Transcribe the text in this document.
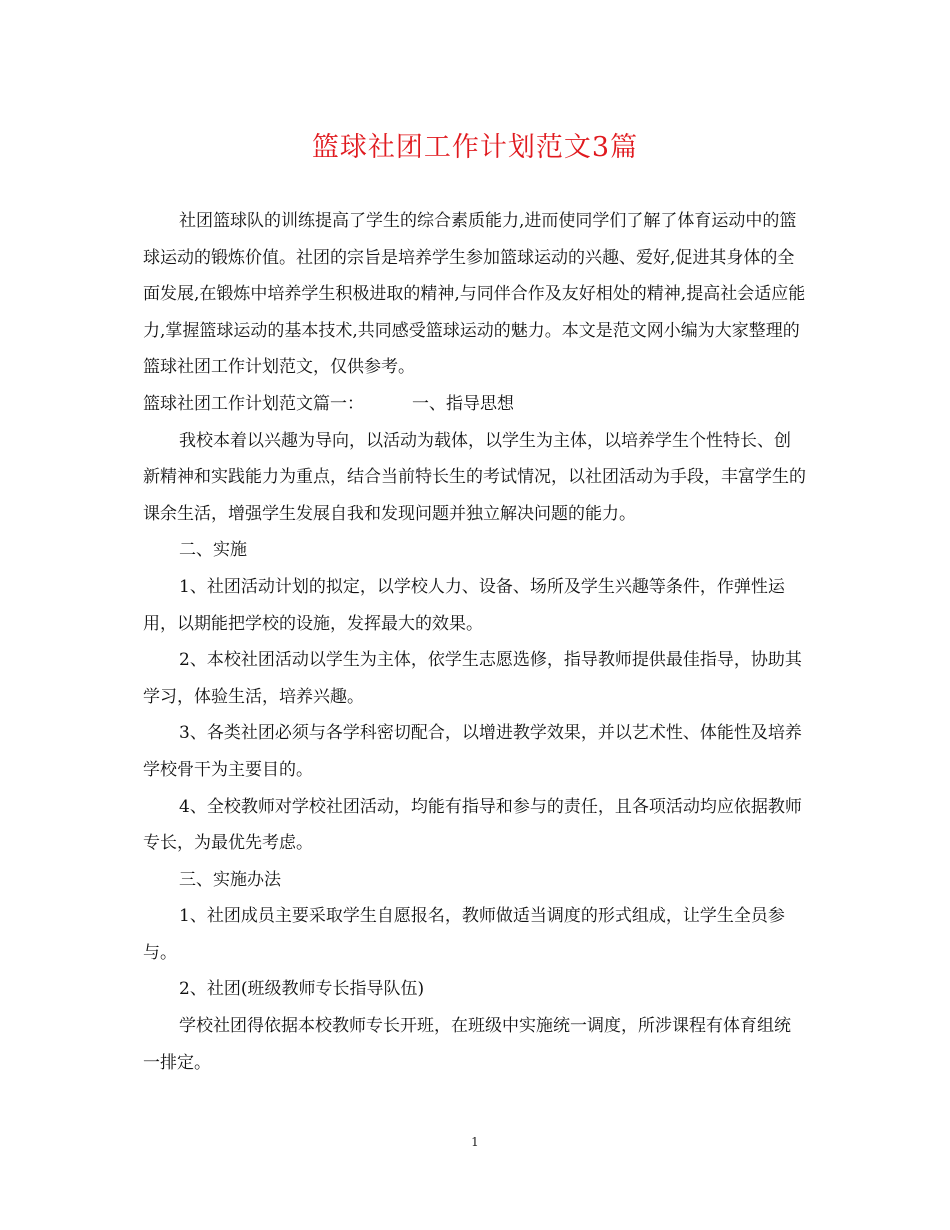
篮球社团工作计划范文3篇

社团篮球队的训练提高了学生的综合素质能力,进而使同学们了解了体育运动中的篮球运动的锻炼价值。社团的宗旨是培养学生参加篮球运动的兴趣、爱好,促进其身体的全面发展,在锻炼中培养学生积极进取的精神,与同伴合作及友好相处的精神,提高社会适应能力,掌握篮球运动的基本技术,共同感受篮球运动的魅力。本文是范文网小编为大家整理的篮球社团工作计划范文，仅供参考。

篮球社团工作计划范文篇一：	一、指导思想

我校本着以兴趣为导向，以活动为载体，以学生为主体，以培养学生个性特长、创新精神和实践能力为重点，结合当前特长生的考试情况，以社团活动为手段，丰富学生的课余生活，增强学生发展自我和发现问题并独立解决问题的能力。

二、实施

1、社团活动计划的拟定，以学校人力、设备、场所及学生兴趣等条件，作弹性运用，以期能把学校的设施，发挥最大的效果。

2、本校社团活动以学生为主体，依学生志愿选修，指导教师提供最佳指导，协助其学习，体验生活，培养兴趣。

3、各类社团必须与各学科密切配合，以增进教学效果，并以艺术性、体能性及培养学校骨干为主要目的。

4、全校教师对学校社团活动，均能有指导和参与的责任，且各项活动均应依据教师专长，为最优先考虑。

三、实施办法

1、社团成员主要采取学生自愿报名，教师做适当调度的形式组成，让学生全员参与。

2、社团(班级教师专长指导队伍)

学校社团得依据本校教师专长开班，在班级中实施统一调度，所涉课程有体育组统一排定。

1
